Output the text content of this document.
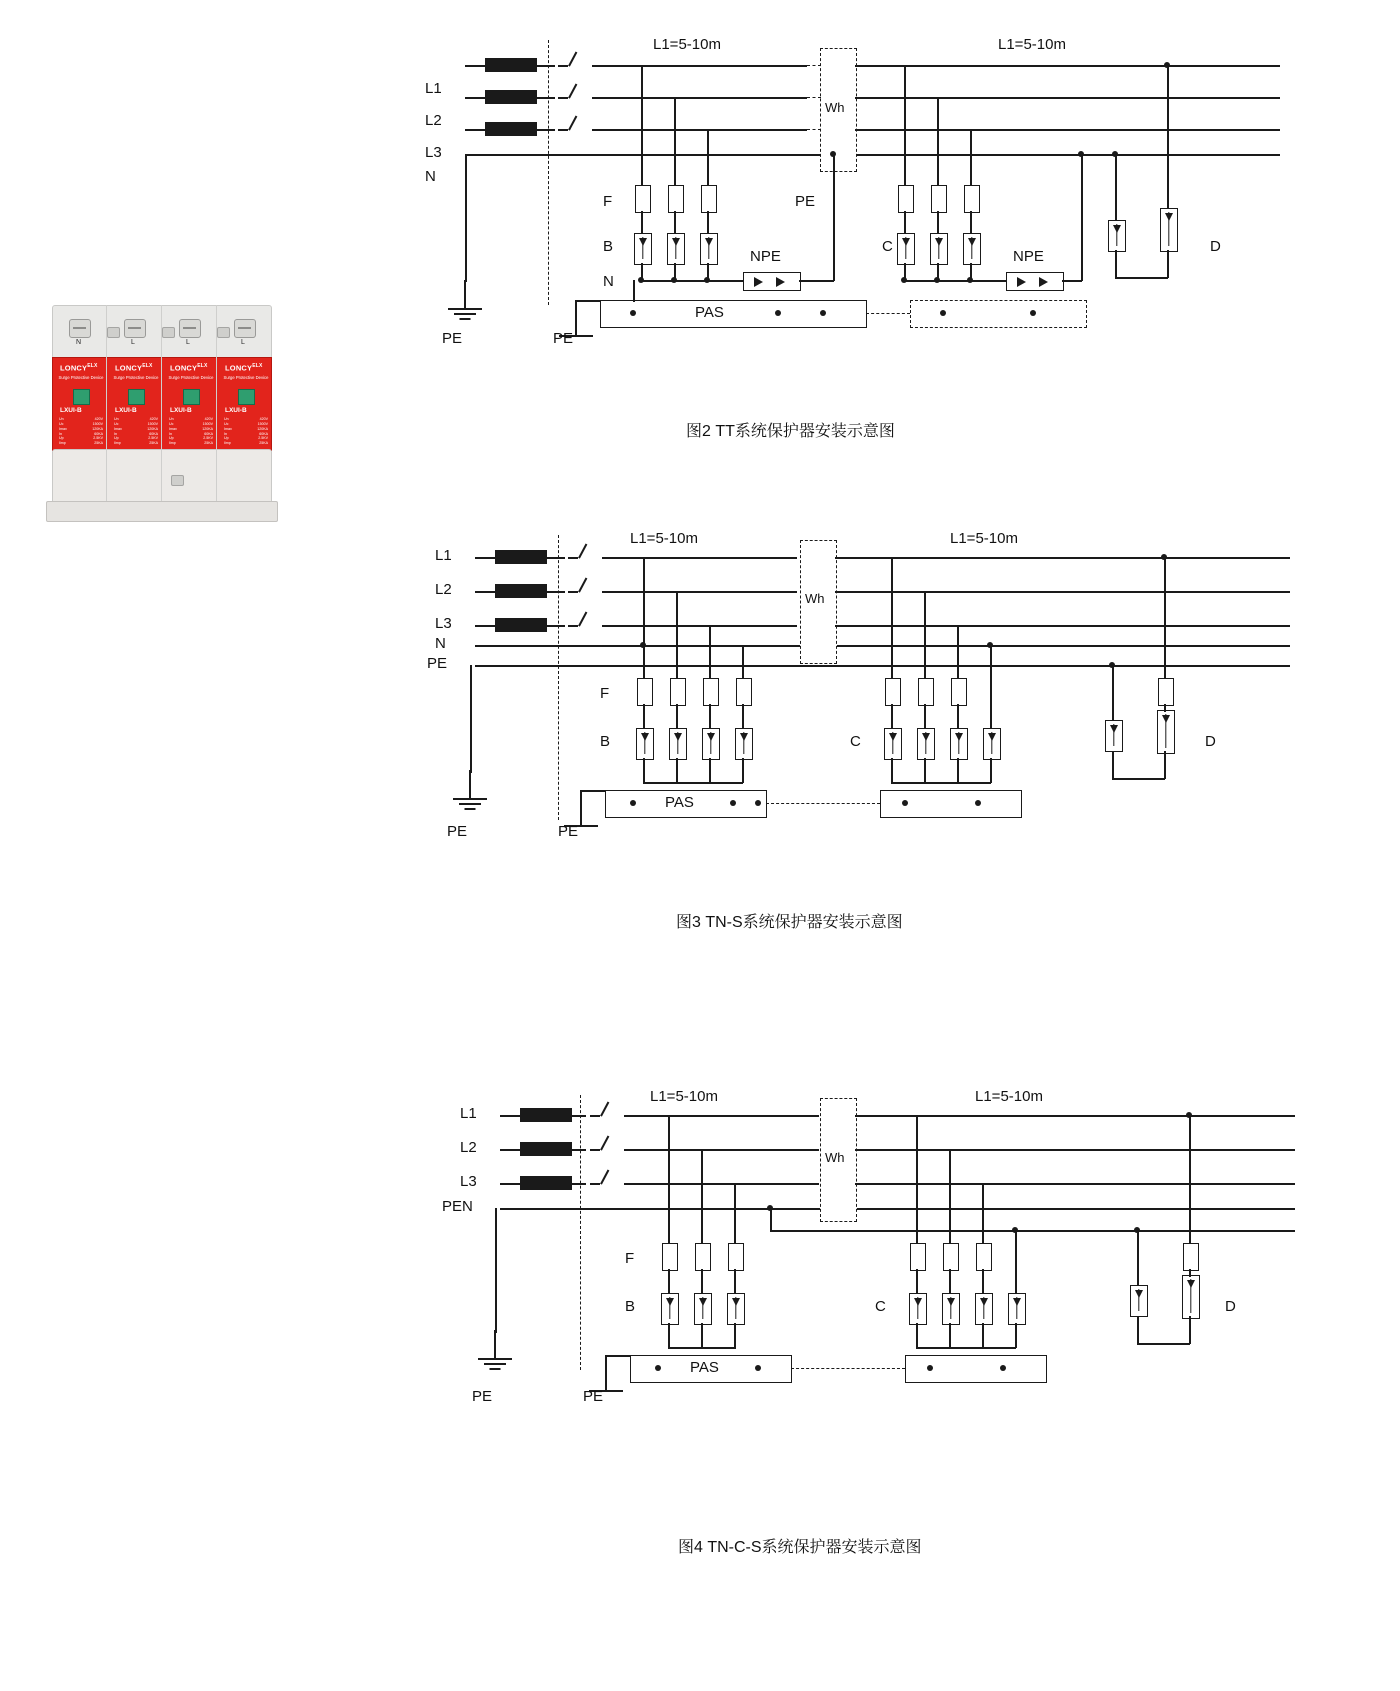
N	L	L	L
$LONCY^{ELX}$ $LONCY^{ELX}$ $LONCY^{ELX}$ $LONCY^{ELX}$
Surge Protective Device Surge Protective Device Surge Protective Device Surge Protective Device
LXUI-B	LXUI-B	LXUI-B	LXUI-B
Un	420V
Uc	1500V
Imax	120KA
In	60KA
Up	2.5KV
Iimp	25KA
Un	420V
Uc	1500V
Imax	120KA
In	60KA
Up	2.5KV
Iimp	25KA
Un	420V
Uc	1500V
Imax	120KA
In	60KA
Up	2.5KV
Iimp	25KA
Un	420V
Uc	1500V
Imax	120KA
In	60KA
Up	2.5KV
Iimp	25KA
L1
L2
L3
N
L1=5-10m	L1=5-10m
Wh
F
B
N
C	D
PE
NPE
PAS
PE	PE
NPE
图2 TT系统保护器安装示意图
L1
L2
L3
N
PE
L1=5-10m	L1=5-10m
Wh
F
B	C	D
PAS
PE	PE
图3 TN-S系统保护器安装示意图
L1
L2
L3
PEN
L1=5-10m	L1=5-10m
Wh
F
B	C	D
PAS
PE	PE
图4 TN-C-S系统保护器安装示意图
